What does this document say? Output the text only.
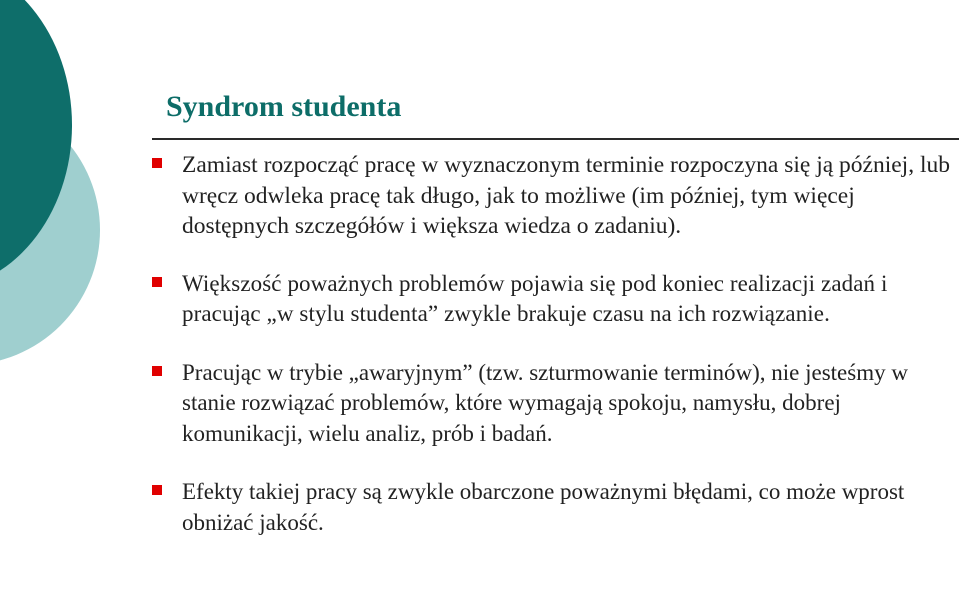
Syndrom studenta
Zamiast rozpocząć pracę w wyznaczonym terminie rozpoczyna się ją później, lub wręcz odwleka pracę tak długo, jak to możliwe (im później, tym więcej dostępnych szczegółów i większa wiedza o zadaniu).
Większość poważnych problemów pojawia się pod koniec realizacji zadań i pracując „w stylu studenta” zwykle brakuje czasu na ich rozwiązanie.
Pracując w trybie „awaryjnym” (tzw. szturmowanie terminów), nie jesteśmy w stanie rozwiązać problemów, które wymagają spokoju, namysłu, dobrej komunikacji, wielu analiz, prób i badań.
Efekty takiej pracy są zwykle obarczone poważnymi błędami, co może wprost obniżać jakość.
